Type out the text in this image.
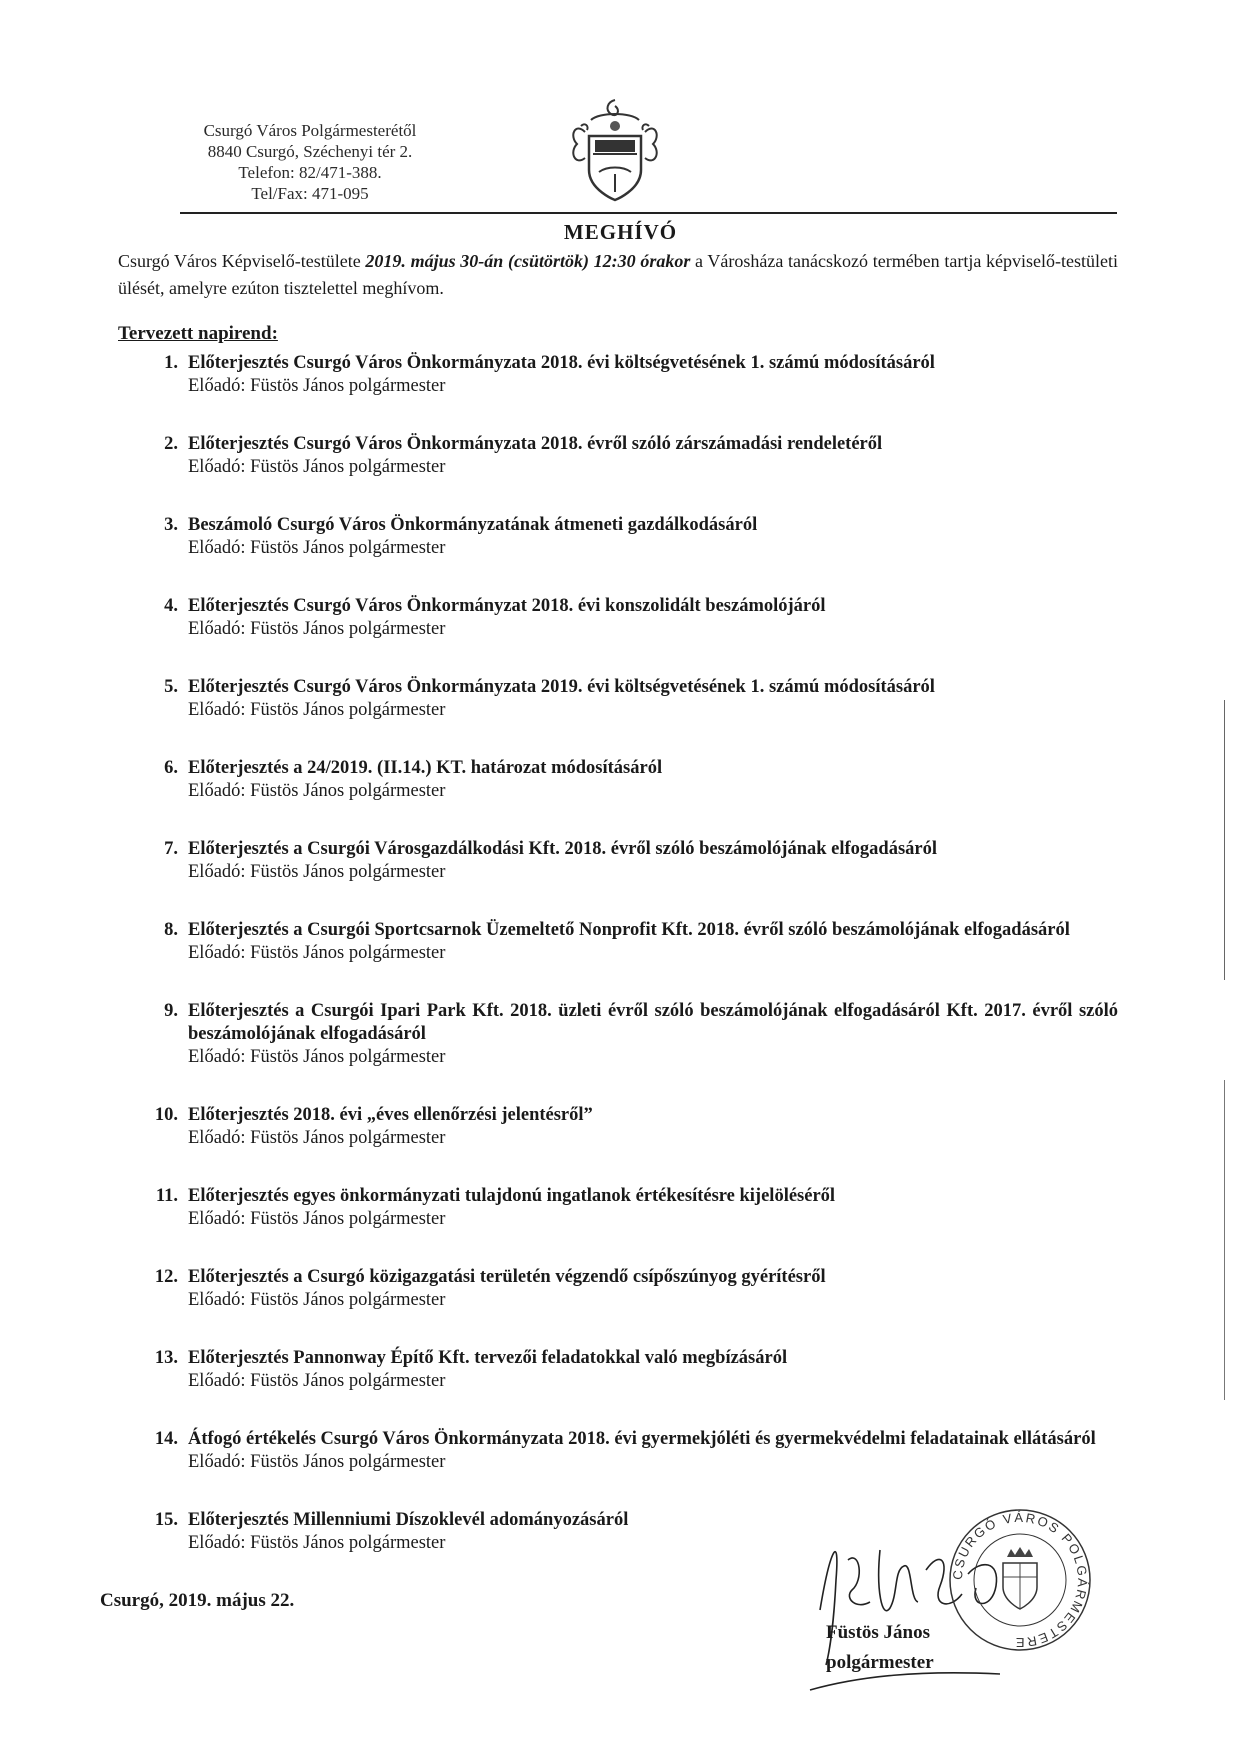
Csurgó Város Polgármesterétől
8840 Csurgó, Széchenyi tér 2.
Telefon: 82/471-388.
Tel/Fax: 471-095
MEGHÍVÓ
Csurgó Város Képviselő-testülete 2019. május 30-án (csütörtök) 12:30 órakor a Városháza tanácskozó termében tartja képviselő-testületi ülését, amelyre ezúton tisztelettel meghívom.
Tervezett napirend:
1. Előterjesztés Csurgó Város Önkormányzata 2018. évi költségvetésének 1. számú módosításáról
Előadó: Füstös János polgármester
2. Előterjesztés Csurgó Város Önkormányzata 2018. évről szóló zárszámadási rendeletéről
Előadó: Füstös János polgármester
3. Beszámoló Csurgó Város Önkormányzatának átmeneti gazdálkodásáról
Előadó: Füstös János polgármester
4. Előterjesztés Csurgó Város Önkormányzat 2018. évi konszolidált beszámolójáról
Előadó: Füstös János polgármester
5. Előterjesztés Csurgó Város Önkormányzata 2019. évi költségvetésének 1. számú módosításáról
Előadó: Füstös János polgármester
6. Előterjesztés a 24/2019. (II.14.) KT. határozat módosításáról
Előadó: Füstös János polgármester
7. Előterjesztés a Csurgói Városgazdálkodási Kft. 2018. évről szóló beszámolójának elfogadásáról
Előadó: Füstös János polgármester
8. Előterjesztés a Csurgói Sportcsarnok Üzemeltető Nonprofit Kft. 2018. évről szóló beszámolójának elfogadásáról
Előadó: Füstös János polgármester
9. Előterjesztés a Csurgói Ipari Park Kft. 2018. üzleti évről szóló beszámolójának elfogadásáról Kft. 2017. évről szóló beszámolójának elfogadásáról
Előadó: Füstös János polgármester
10. Előterjesztés 2018. évi „éves ellenőrzési jelentésről”
Előadó: Füstös János polgármester
11. Előterjesztés egyes önkormányzati tulajdonú ingatlanok értékesítésre kijelöléséről
Előadó: Füstös János polgármester
12. Előterjesztés a Csurgó közigazgatási területén végzendő csípőszúnyog gyérítésről
Előadó: Füstös János polgármester
13. Előterjesztés Pannonway Építő Kft. tervezői feladatokkal való megbízásáról
Előadó: Füstös János polgármester
14. Átfogó értékelés Csurgó Város Önkormányzata 2018. évi gyermekjóléti és gyermekvédelmi feladatainak ellátásáról
Előadó: Füstös János polgármester
15. Előterjesztés Millenniumi Díszoklevél adományozásáról
Előadó: Füstös János polgármester
Csurgó, 2019. május 22.
CSURGÓ VÁROS POLGÁRMESTERE
Füstös János
polgármester
